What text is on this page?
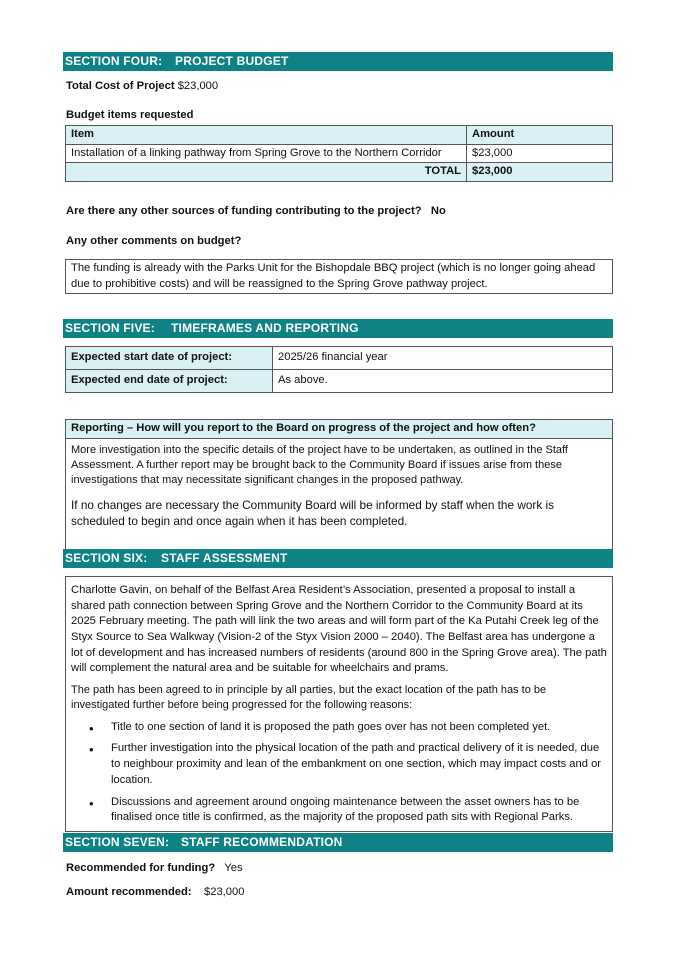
SECTION FOUR: PROJECT BUDGET
Total Cost of Project $23,000
Budget items requested
Item	Amount
Installation of a linking pathway from Spring Grove to the Northern Corridor	$23,000
TOTAL	$23,000
Are there any other sources of funding contributing to the project? No
Any other comments on budget?

The funding is already with the Parks Unit for the Bishopdale BBQ project (which is no longer going ahead due to prohibitive costs) and will be reassigned to the Spring Grove pathway project.

SECTION FIVE: TIMEFRAMES AND REPORTING
Expected start date of project:	2025/26 financial year
Expected end date of project:	As above.
Reporting – How will you report to the Board on progress of the project and how often?

More investigation into the specific details of the project have to be undertaken, as outlined in the Staff Assessment. A further report may be brought back to the Community Board if issues arise from these investigations that may necessitate significant changes in the proposed pathway.

If no changes are necessary the Community Board will be informed by staff when the work is scheduled to begin and once again when it has been completed.

SECTION SIX: STAFF ASSESSMENT

Charlotte Gavin, on behalf of the Belfast Area Resident’s Association, presented a proposal to install a shared path connection between Spring Grove and the Northern Corridor to the Community Board at its 2025 February meeting. The path will link the two areas and will form part of the Ka Putahi Creek leg of the Styx Source to Sea Walkway (Vision-2 of the Styx Vision 2000 – 2040). The Belfast area has undergone a lot of development and has increased numbers of residents (around 800 in the Spring Grove area). The path will complement the natural area and be suitable for wheelchairs and prams.

The path has been agreed to in principle by all parties, but the exact location of the path has to be investigated further before being progressed for the following reasons:

• Title to one section of land it is proposed the path goes over has not been completed yet.
• Further investigation into the physical location of the path and practical delivery of it is needed, due to neighbour proximity and lean of the embankment on one section, which may impact costs and or location.
• Discussions and agreement around ongoing maintenance between the asset owners has to be finalised once title is confirmed, as the majority of the proposed path sits with Regional Parks.
SECTION SEVEN: STAFF RECOMMENDATION
Recommended for funding? Yes
Amount recommended: $23,000
